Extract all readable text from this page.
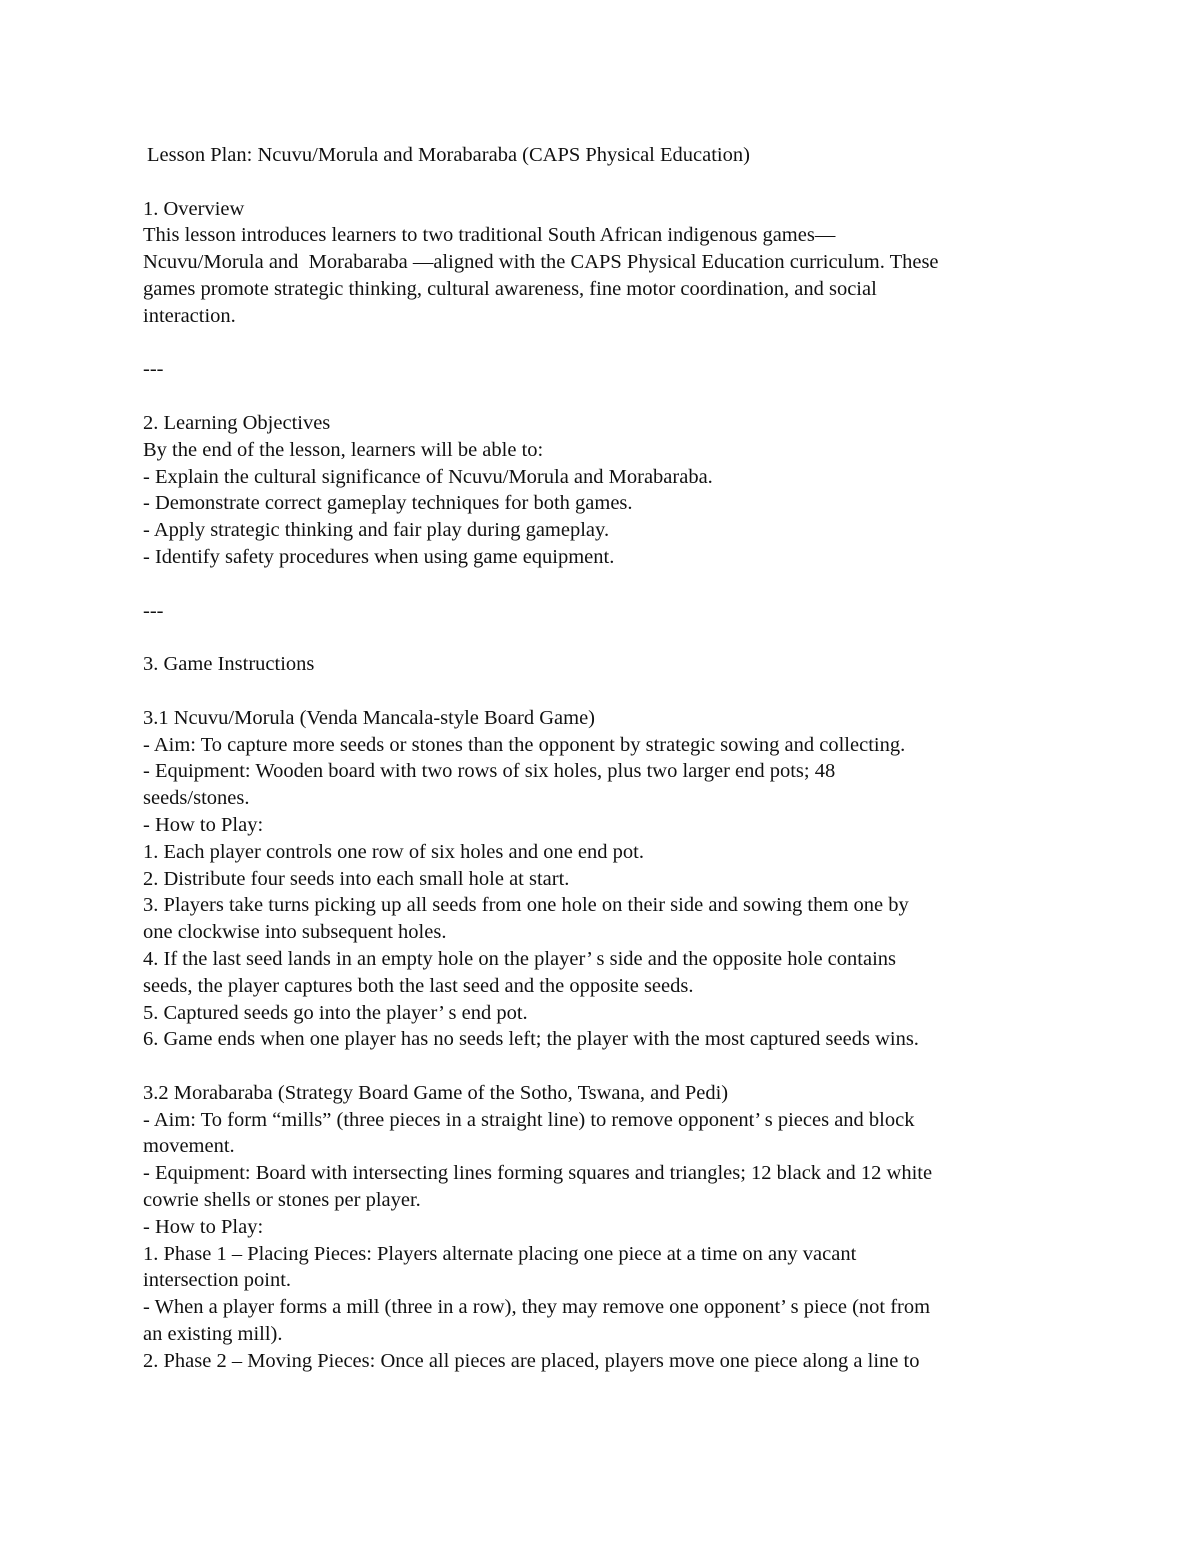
Lesson Plan: Ncuvu/Morula and Morabaraba (CAPS Physical Education)
1. Overview
This lesson introduces learners to two traditional South African indigenous games—
Ncuvu/Morula and  Morabaraba —aligned with the CAPS Physical Education curriculum. These
games promote strategic thinking, cultural awareness, fine motor coordination, and social
interaction.
---
2. Learning Objectives
By the end of the lesson, learners will be able to:
- Explain the cultural significance of Ncuvu/Morula and Morabaraba.
- Demonstrate correct gameplay techniques for both games.
- Apply strategic thinking and fair play during gameplay.
- Identify safety procedures when using game equipment.
---
3. Game Instructions
3.1 Ncuvu/Morula (Venda Mancala-style Board Game)
- Aim: To capture more seeds or stones than the opponent by strategic sowing and collecting.
- Equipment: Wooden board with two rows of six holes, plus two larger end pots; 48
seeds/stones.
- How to Play:
1. Each player controls one row of six holes and one end pot.
2. Distribute four seeds into each small hole at start.
3. Players take turns picking up all seeds from one hole on their side and sowing them one by
one clockwise into subsequent holes.
4. If the last seed lands in an empty hole on the player’ s side and the opposite hole contains
seeds, the player captures both the last seed and the opposite seeds.
5. Captured seeds go into the player’ s end pot.
6. Game ends when one player has no seeds left; the player with the most captured seeds wins.
3.2 Morabaraba (Strategy Board Game of the Sotho, Tswana, and Pedi)
- Aim: To form “mills” (three pieces in a straight line) to remove opponent’ s pieces and block
movement.
- Equipment: Board with intersecting lines forming squares and triangles; 12 black and 12 white
cowrie shells or stones per player.
- How to Play:
1. Phase 1 – Placing Pieces: Players alternate placing one piece at a time on any vacant
intersection point.
- When a player forms a mill (three in a row), they may remove one opponent’ s piece (not from
an existing mill).
2. Phase 2 – Moving Pieces: Once all pieces are placed, players move one piece along a line to
